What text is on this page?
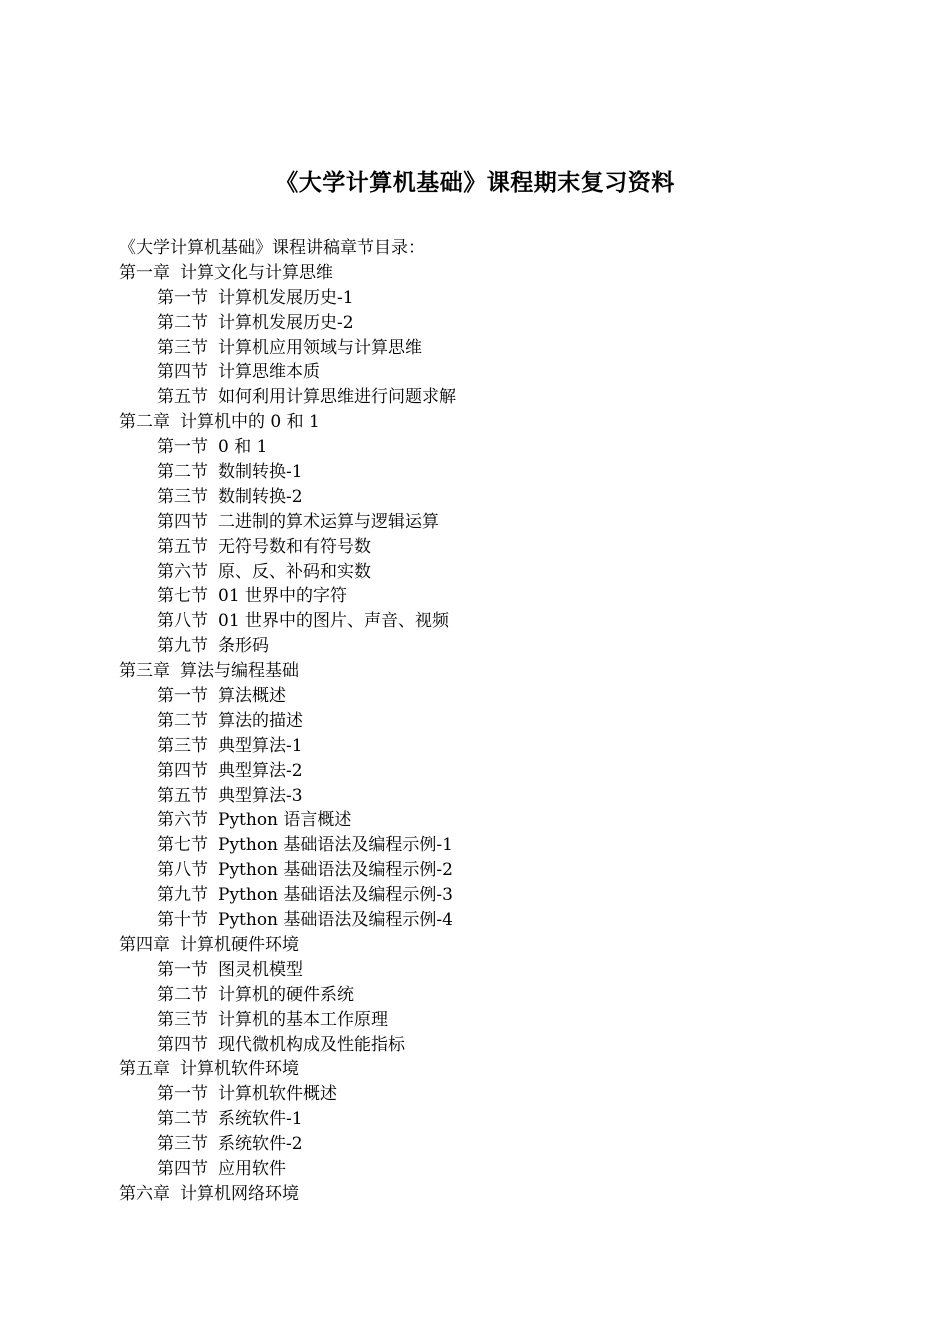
《大学计算机基础》课程期末复习资料
《大学计算机基础》课程讲稿章节目录：
第一章 计算文化与计算思维
第一节 计算机发展历史-1
第二节 计算机发展历史-2
第三节 计算机应用领域与计算思维
第四节 计算思维本质
第五节 如何利用计算思维进行问题求解
第二章 计算机中的 0 和 1
第一节 0 和 1
第二节 数制转换-1
第三节 数制转换-2
第四节 二进制的算术运算与逻辑运算
第五节 无符号数和有符号数
第六节 原、反、补码和实数
第七节 01 世界中的字符
第八节 01 世界中的图片、声音、视频
第九节 条形码
第三章 算法与编程基础
第一节 算法概述
第二节 算法的描述
第三节 典型算法-1
第四节 典型算法-2
第五节 典型算法-3
第六节 Python 语言概述
第七节 Python 基础语法及编程示例-1
第八节 Python 基础语法及编程示例-2
第九节 Python 基础语法及编程示例-3
第十节 Python 基础语法及编程示例-4
第四章 计算机硬件环境
第一节 图灵机模型
第二节 计算机的硬件系统
第三节 计算机的基本工作原理
第四节 现代微机构成及性能指标
第五章 计算机软件环境
第一节 计算机软件概述
第二节 系统软件-1
第三节 系统软件-2
第四节 应用软件
第六章 计算机网络环境
